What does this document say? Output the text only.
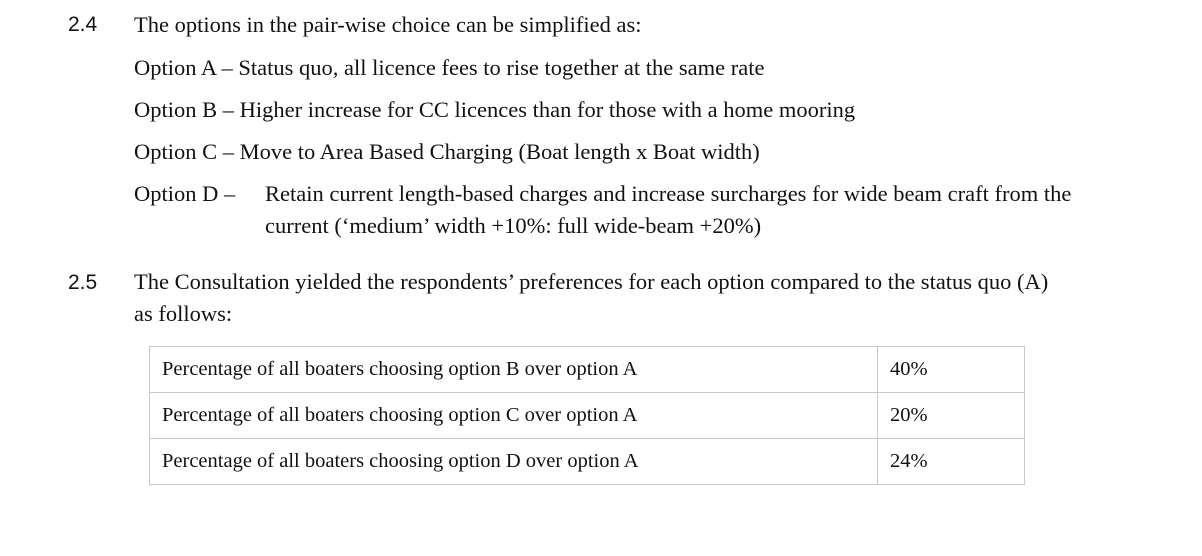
2.4 The options in the pair-wise choice can be simplified as:
Option A – Status quo, all licence fees to rise together at the same rate
Option B – Higher increase for CC licences than for those with a home mooring
Option C – Move to Area Based Charging (Boat length x Boat width)
Option D – Retain current length-based charges and increase surcharges for wide beam craft from the
current (‘medium’ width +10%: full wide-beam +20%)
2.5 The Consultation yielded the respondents’ preferences for each option compared to the status quo (A)
as follows:
Percentage of all boaters choosing option B over option A	40%
Percentage of all boaters choosing option C over option A	20%
Percentage of all boaters choosing option D over option A	24%
